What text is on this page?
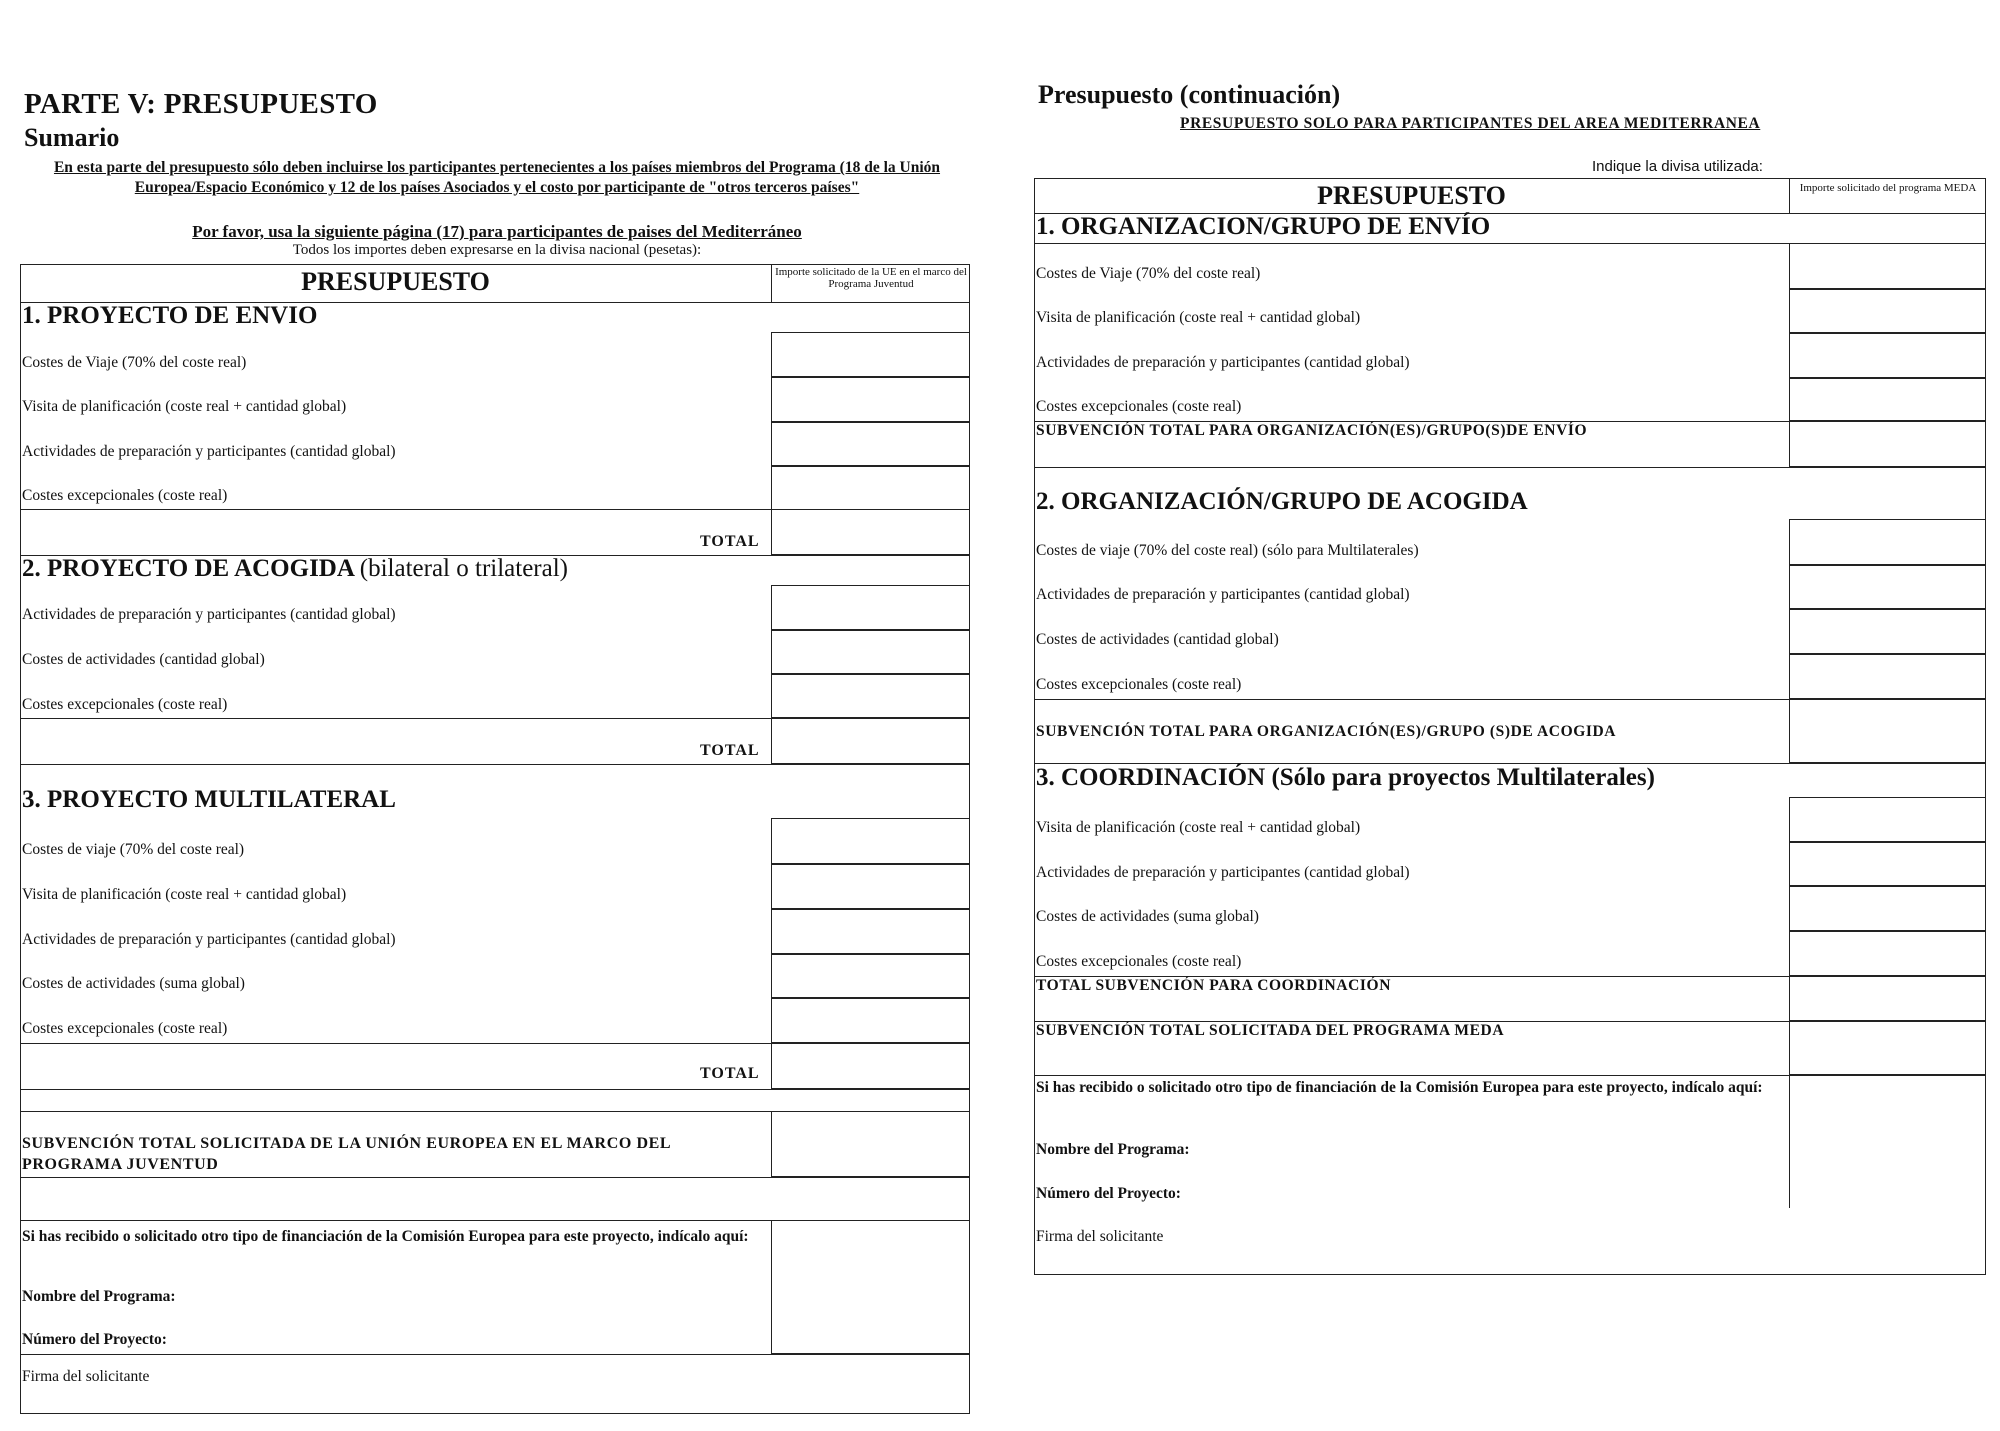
PARTE V: PRESUPUESTO
Sumario
En esta parte del presupuesto sólo deben incluirse los participantes pertenecientes a los países miembros del Programa (18 de la Unión Europea/Espacio Económico y 12 de los países Asociados y el costo por participante de "otros terceros países"
Por favor, usa la siguiente página (17) para participantes de paises del Mediterráneo
Todos los importes deben expresarse en la divisa nacional (pesetas):
PRESUPUESTO	Importe solicitado de la UE en el marco del Programa Juventud
1. PROYECTO DE ENVIO
Costes de Viaje (70% del coste real)
Visita de planificación (coste real + cantidad global)
Actividades de preparación y participantes (cantidad global)
Costes excepcionales (coste real)
TOTAL
2. PROYECTO DE ACOGIDA (bilateral o trilateral)
Actividades de preparación y participantes (cantidad global)
Costes de actividades (cantidad global)
Costes excepcionales (coste real)
TOTAL
3. PROYECTO MULTILATERAL
Costes de viaje (70% del coste real)
Visita de planificación (coste real + cantidad global)
Actividades de preparación y participantes (cantidad global)
Costes de actividades (suma global)
Costes excepcionales (coste real)
TOTAL
SUBVENCIÓN TOTAL SOLICITADA DE LA UNIÓN EUROPEA EN EL MARCO DEL PROGRAMA JUVENTUD
Si has recibido o solicitado otro tipo de financiación de la Comisión Europea para este proyecto, indícalo aquí:
Nombre del Programa:
Número del Proyecto:
Firma del solicitante
Presupuesto (continuación)
PRESUPUESTO SOLO PARA PARTICIPANTES DEL AREA MEDITERRANEA
Indique la divisa utilizada:
PRESUPUESTO	Importe solicitado del programa MEDA
1. ORGANIZACION/GRUPO DE ENVÍO
Costes de Viaje (70% del coste real)
Visita de planificación (coste real + cantidad global)
Actividades de preparación y participantes (cantidad global)
Costes excepcionales (coste real)
SUBVENCIÓN TOTAL PARA ORGANIZACIÓN(ES)/GRUPO(S)DE ENVÍO
2. ORGANIZACIÓN/GRUPO DE ACOGIDA
Costes de viaje (70% del coste real) (sólo para Multilaterales)
Actividades de preparación y participantes (cantidad global)
Costes de actividades (cantidad global)
Costes excepcionales (coste real)
SUBVENCIÓN TOTAL PARA ORGANIZACIÓN(ES)/GRUPO (S)DE ACOGIDA
3. COORDINACIÓN (Sólo para proyectos Multilaterales)
Visita de planificación (coste real + cantidad global)
Actividades de preparación y participantes (cantidad global)
Costes de actividades (suma global)
Costes excepcionales (coste real)
TOTAL SUBVENCIÓN PARA COORDINACIÓN
SUBVENCIÓN TOTAL SOLICITADA DEL PROGRAMA MEDA
Si has recibido o solicitado otro tipo de financiación de la Comisión Europea para este proyecto, indícalo aquí:
Nombre del Programa:
Número del Proyecto:
Firma del solicitante
